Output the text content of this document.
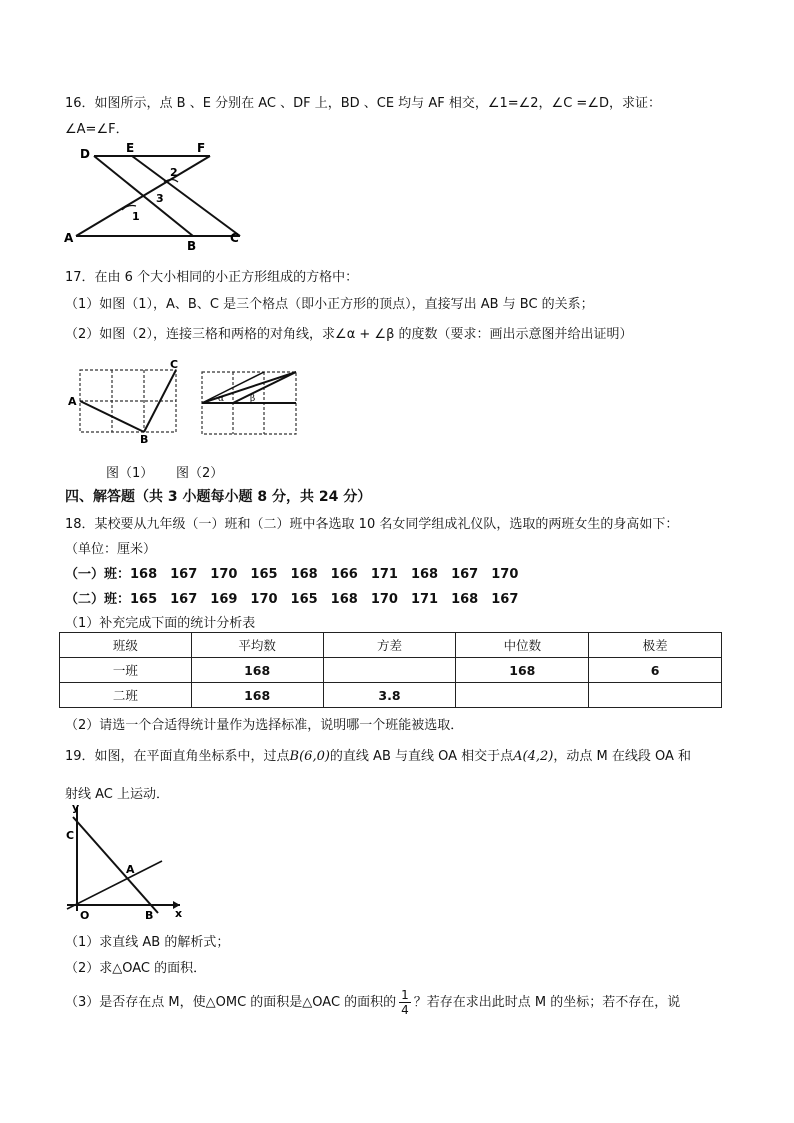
16．如图所示，点 B 、E 分别在 AC 、DF 上，BD 、CE 均与 AF 相交，∠1=∠2，∠C =∠D，求证：
∠A=∠F．
D	E	F
A
B
C
1
2
3
17．在由 6 个大小相同的小正方形组成的方格中：
（1）如图（1），A、B、C 是三个格点（即小正方形的顶点），直接写出 AB 与 BC 的关系；
（2）如图（2），连接三格和两格的对角线，求∠α + ∠β 的度数（要求：画出示意图并给出证明）
A
B
C
α	β
图（1） 图（2）
四、解答题（共 3 小题每小题 8 分，共 24 分）
18．某校要从九年级（一）班和（二）班中各选取 10 名女同学组成礼仪队，选取的两班女生的身高如下：
（单位：厘米）
（一）班：168　167　170　165　168　166　171　168　167　170
（二）班：165　167　169　170　165　168　170　171　168　167
（1）补充完成下面的统计分析表
班级	平均数	方差	中位数	极差
一班	168		168	6
二班	168	3.8		
（2）请选一个合适得统计量作为选择标准，说明哪一个班能被选取．
19．如图，在平面直角坐标系中，过点B(6,0)的直线 AB 与直线 OA 相交于点A(4,2)，动点 M 在线段 OA 和
射线 AC 上运动．
y
C
A
O	B x
（1）求直线 AB 的解析式；
（2）求△OAC 的面积．
（3）是否存在点 M，使△OMC 的面积是△OAC 的面积的 $\frac{1}{4}$ ？若存在求出此时点 M 的坐标；若不存在，说
